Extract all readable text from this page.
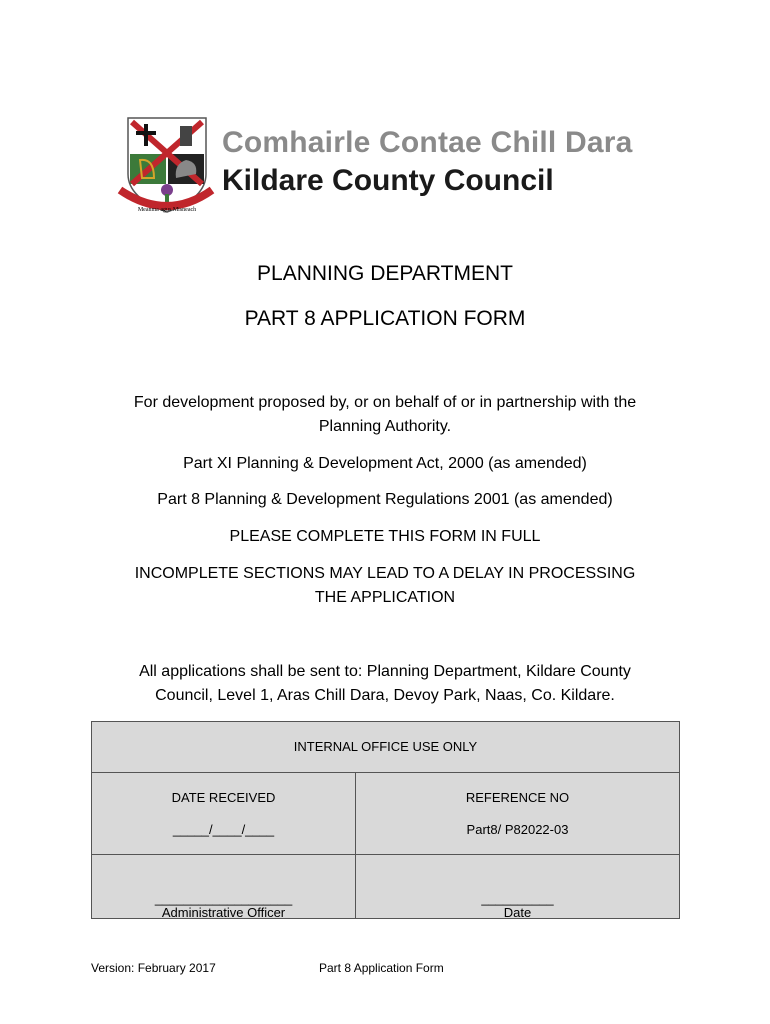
Meanma agus Misneach
Comhairle Contae Chill Dara
Kildare County Council
PLANNING DEPARTMENT
PART 8 APPLICATION FORM
For development proposed by, or on behalf of or in partnership with the
Planning Authority.
Part XI Planning & Development Act, 2000 (as amended)
Part 8 Planning & Development Regulations 2001 (as amended)
PLEASE COMPLETE THIS FORM IN FULL
INCOMPLETE SECTIONS MAY LEAD TO A DELAY IN PROCESSING
THE APPLICATION
All applications shall be sent to: Planning Department, Kildare County
Council, Level 1, Aras Chill Dara, Devoy Park, Naas, Co. Kildare.
INTERNAL OFFICE USE ONLY
DATE RECEIVED
_____/____/____
REFERENCE NO
Part8/ P82022-03
___________________
Administrative Officer
__________
Date
Version: February 2017	Part 8 Application Form
